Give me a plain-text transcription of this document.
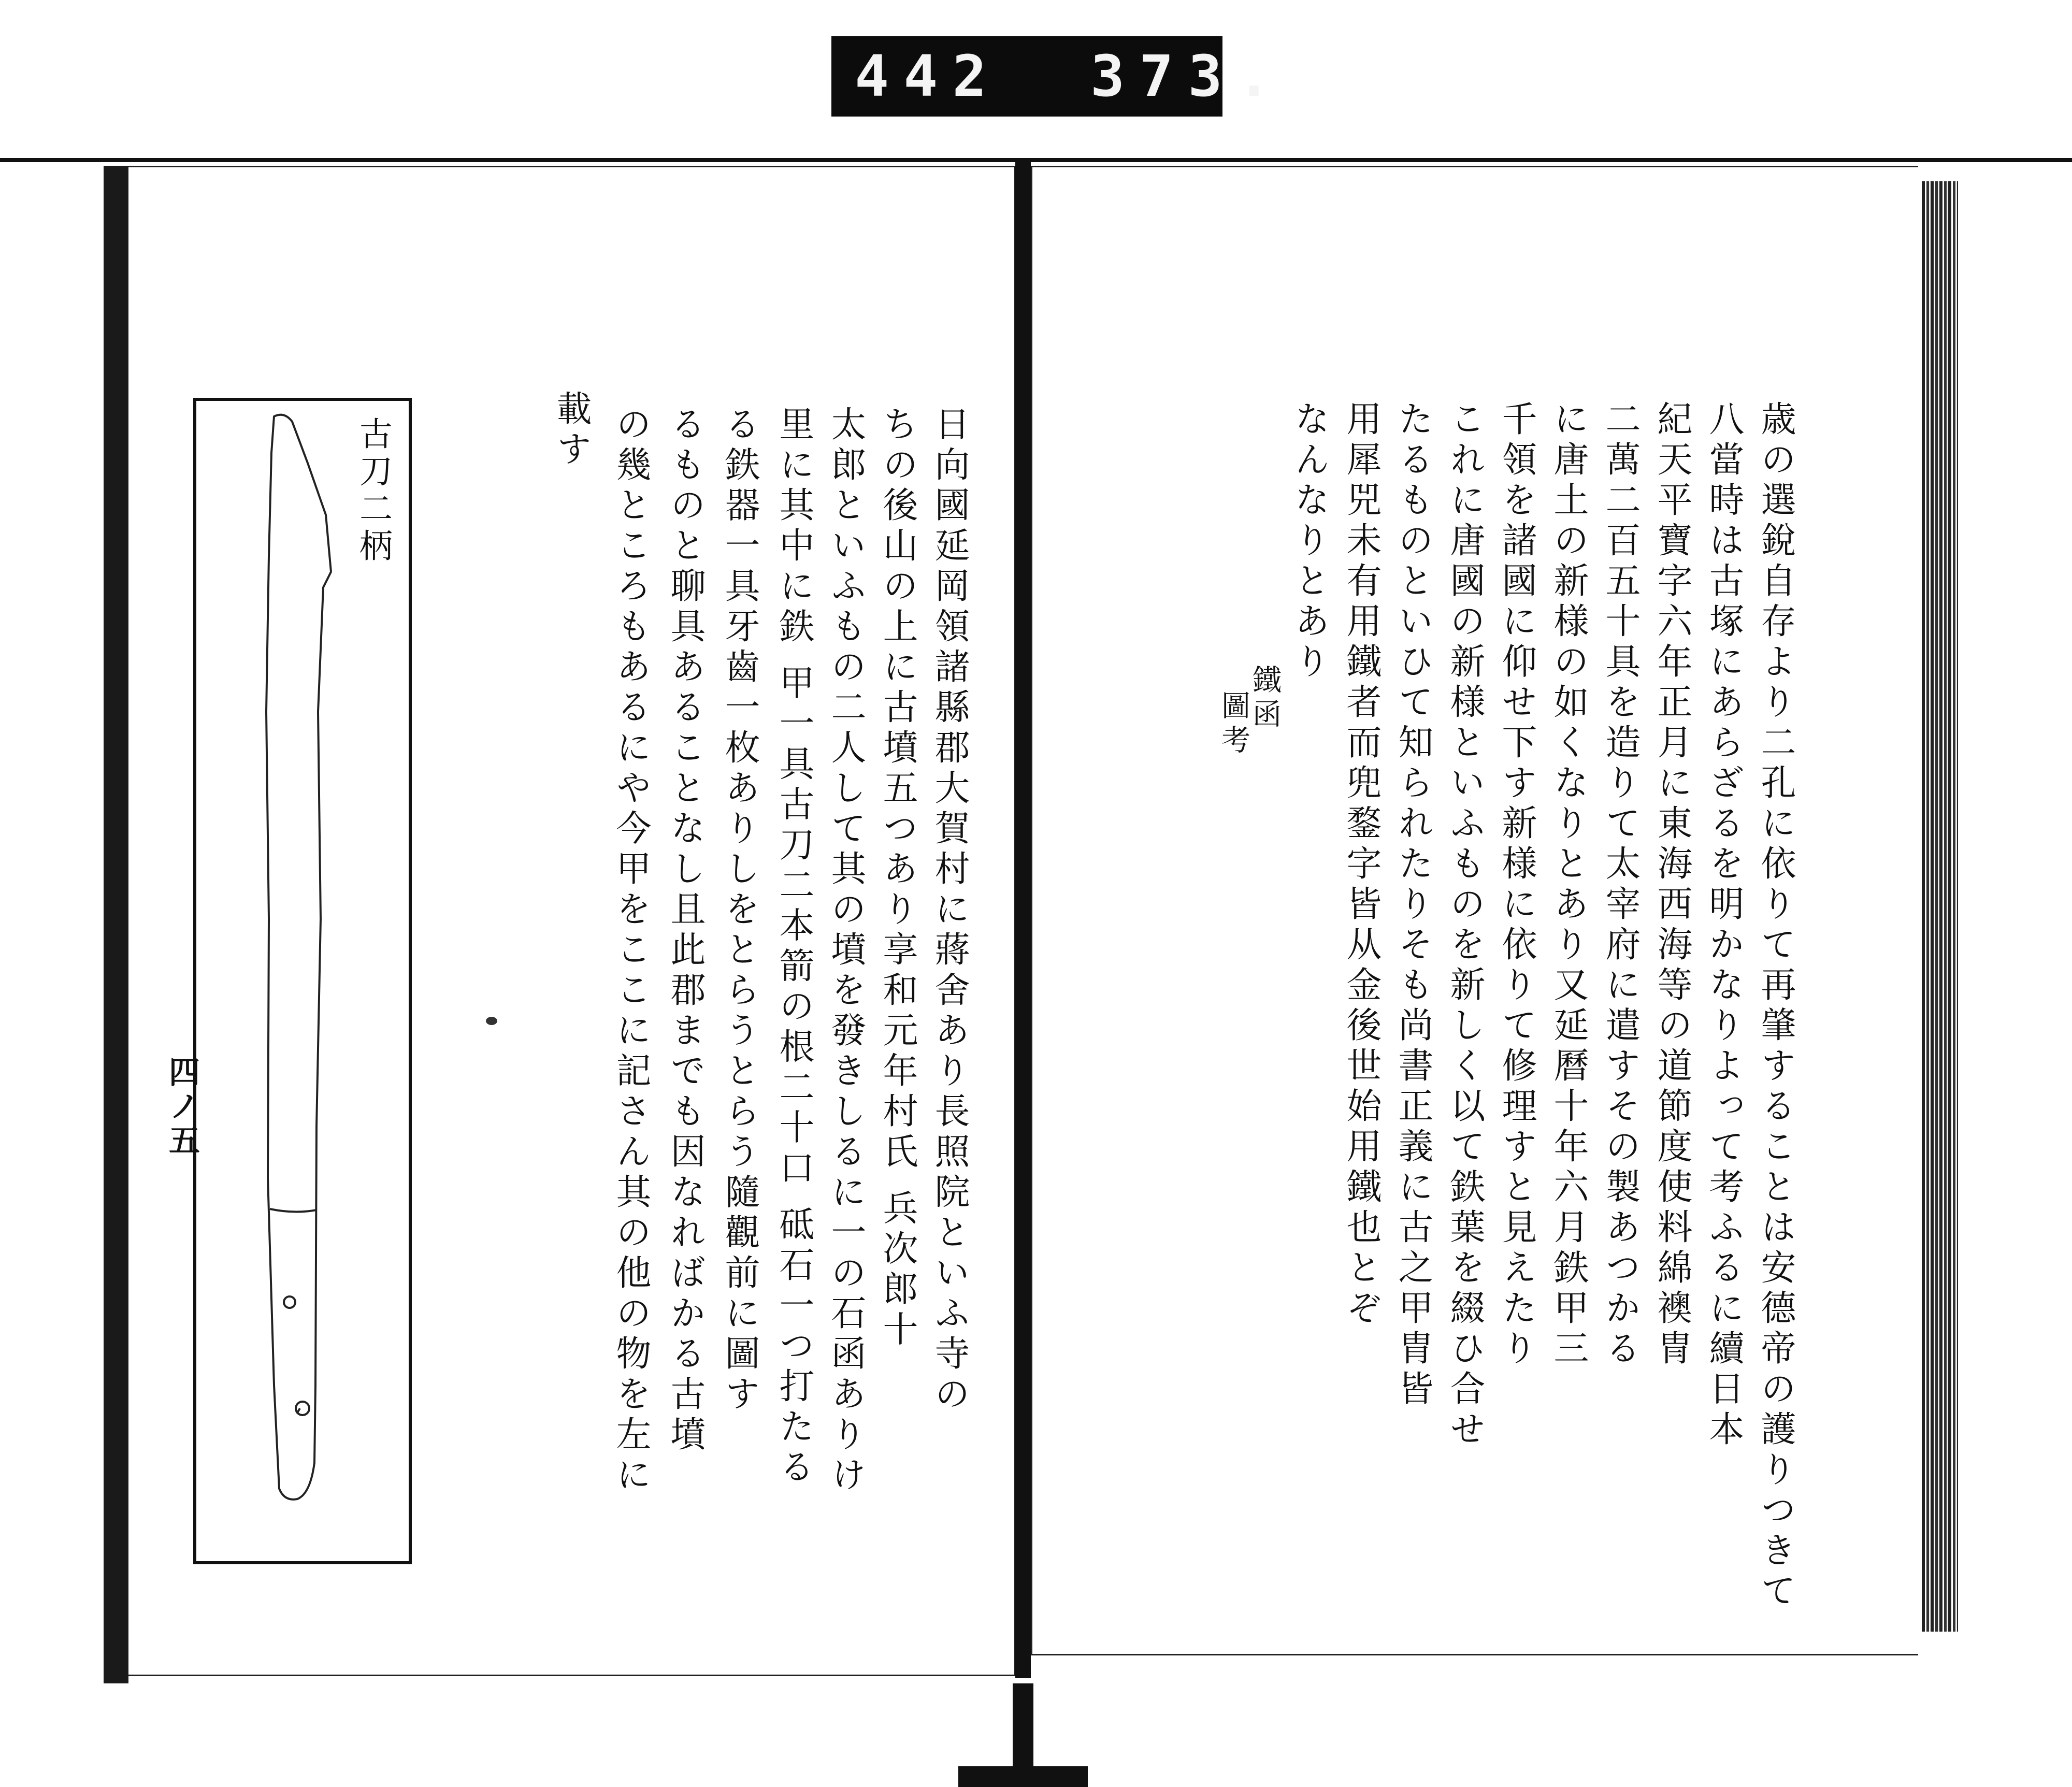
442 373.
古刀二柄
四ノ五	日向國延岡領諸縣郡大賀村に蔣舍あり長照院といふ寺の
ちの後山の上に古墳五つあり享和元年村氏 兵次郎十
太郎といふもの二人して其の墳を發きしるに一の石函ありけ
里に其中に鉄 甲一具古刀二本箭の根二十口 砥石一つ打たる
る鉄器一具牙齒一枚ありしをとらうとらう隨觀前に圖す
るものと聊具あることなし且此郡までも因なればかる古墳
の幾ところもあるにや今甲をここに記さん其の他の物を左に
載す	歳の選銳自存より二孔に依りて再肇することは安德帝の護りつきて
八當時は古塚にあらざるを明かなりよって考ふるに續日本
紀天平寶字六年正月に東海西海等の道節度使料綿襖冑
二萬二百五十具を造りて太宰府に遣すその製あつかる
に唐土の新様の如くなりとあり又延曆十年六月鉄甲三
千領を諸國に仰せ下す新様に依りて修理すと見えたり
これに唐國の新様といふものを新しく以て鉄葉を綴ひ合せ
たるものといひて知られたりそも尚書正義に古之甲胄皆
用犀兕未有用鐵者而兜鍪字皆从金後世始用鐵也とぞ
なんなりとあり
鐵函
圖考
